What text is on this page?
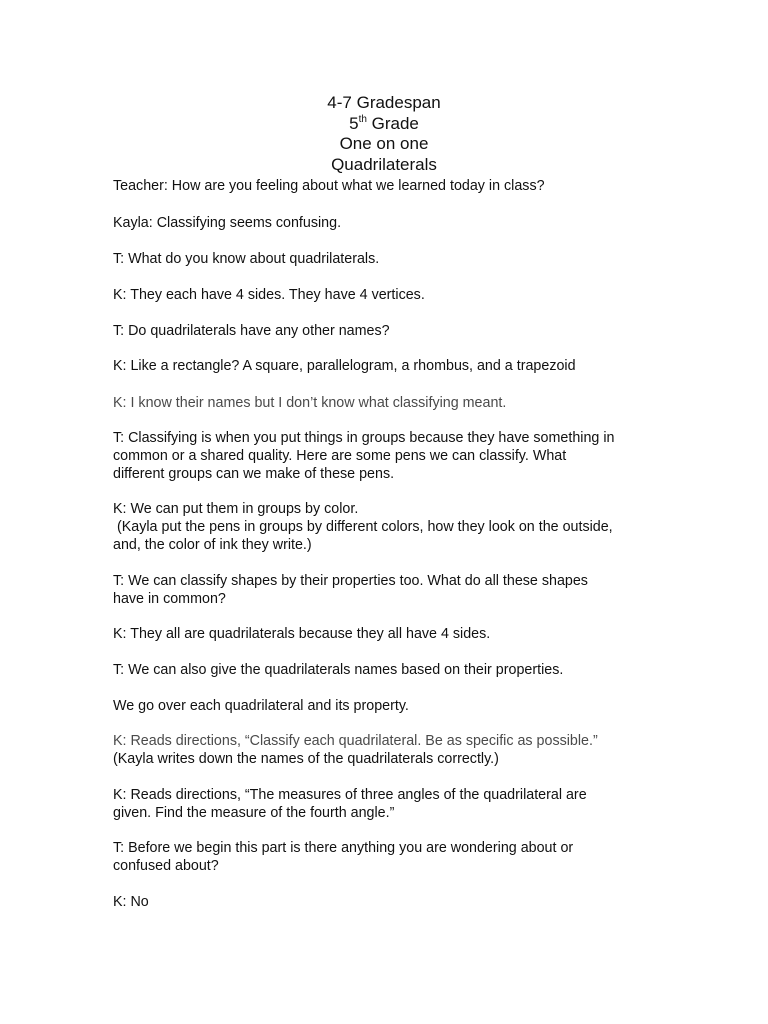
4-7 Gradespan
5th Grade
One on one
Quadrilaterals

Teacher: How are you feeling about what we learned today in class?

Kayla: Classifying seems confusing.

T: What do you know about quadrilaterals.

K: They each have 4 sides. They have 4 vertices.

T: Do quadrilaterals have any other names?

K: Like a rectangle? A square, parallelogram, a rhombus, and a trapezoid

K: I know their names but I don’t know what classifying meant.

T: Classifying is when you put things in groups because they have something in
common or a shared quality. Here are some pens we can classify. What
different groups can we make of these pens.

K: We can put them in groups by color.
(Kayla put the pens in groups by different colors, how they look on the outside,
and, the color of ink they write.)

T: We can classify shapes by their properties too. What do all these shapes
have in common?

K: They all are quadrilaterals because they all have 4 sides.

T: We can also give the quadrilaterals names based on their properties.

We go over each quadrilateral and its property.

K: Reads directions, “Classify each quadrilateral. Be as specific as possible.”
(Kayla writes down the names of the quadrilaterals correctly.)

K: Reads directions, “The measures of three angles of the quadrilateral are
given. Find the measure of the fourth angle.”

T: Before we begin this part is there anything you are wondering about or
confused about?

K: No
